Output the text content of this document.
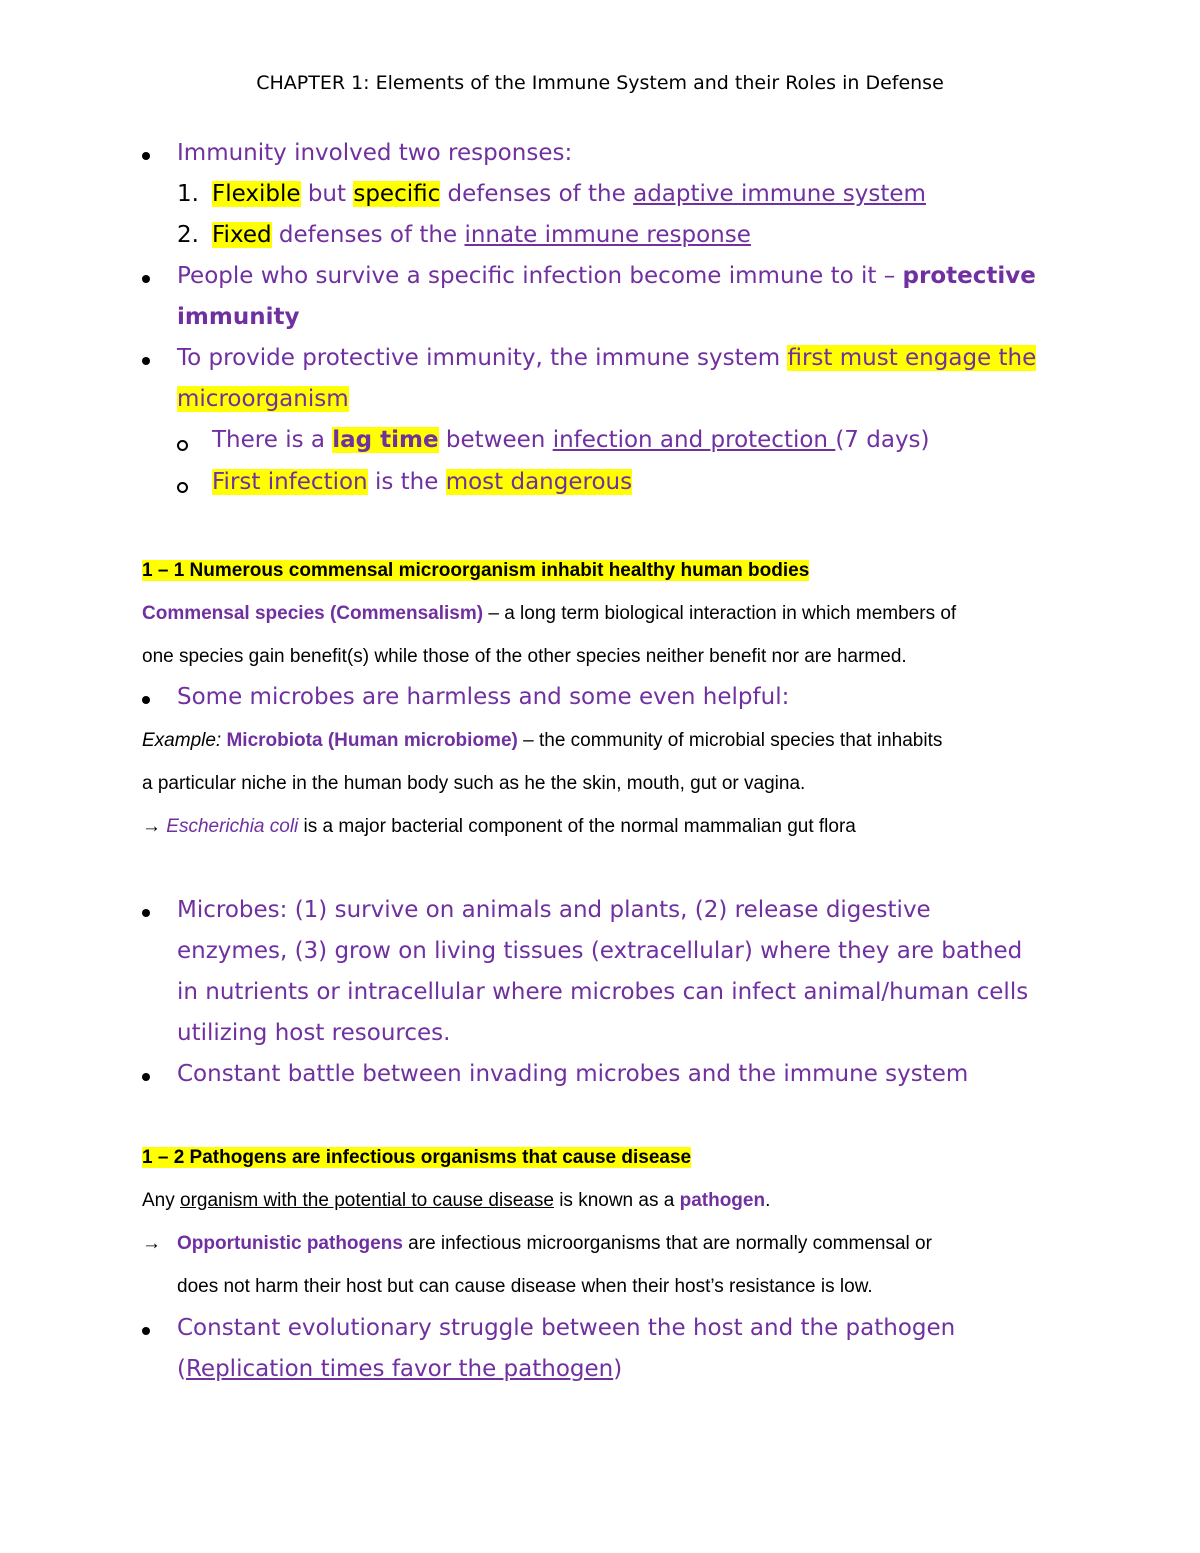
CHAPTER 1: Elements of the Immune System and their Roles in Defense
Immunity involved two responses:
1. Flexible but specific defenses of the adaptive immune system
2. Fixed defenses of the innate immune response
People who survive a specific infection become immune to it – protective
immunity
To provide protective immunity, the immune system first must engage the
microorganism
There is a lag time between infection and protection (7 days)
First infection is the most dangerous
1 – 1 Numerous commensal microorganism inhabit healthy human bodies
Commensal species (Commensalism) – a long term biological interaction in which members of
one species gain benefit(s) while those of the other species neither benefit nor are harmed.
Some microbes are harmless and some even helpful:
Example: Microbiota (Human microbiome) – the community of microbial species that inhabits
a particular niche in the human body such as he the skin, mouth, gut or vagina.
→ Escherichia coli is a major bacterial component of the normal mammalian gut flora
Microbes: (1) survive on animals and plants, (2) release digestive
enzymes, (3) grow on living tissues (extracellular) where they are bathed
in nutrients or intracellular where microbes can infect animal/human cells
utilizing host resources.
Constant battle between invading microbes and the immune system
1 – 2 Pathogens are infectious organisms that cause disease
Any organism with the potential to cause disease is known as a pathogen.
→Opportunistic pathogens are infectious microorganisms that are normally commensal or
does not harm their host but can cause disease when their host’s resistance is low.
Constant evolutionary struggle between the host and the pathogen
(Replication times favor the pathogen)
